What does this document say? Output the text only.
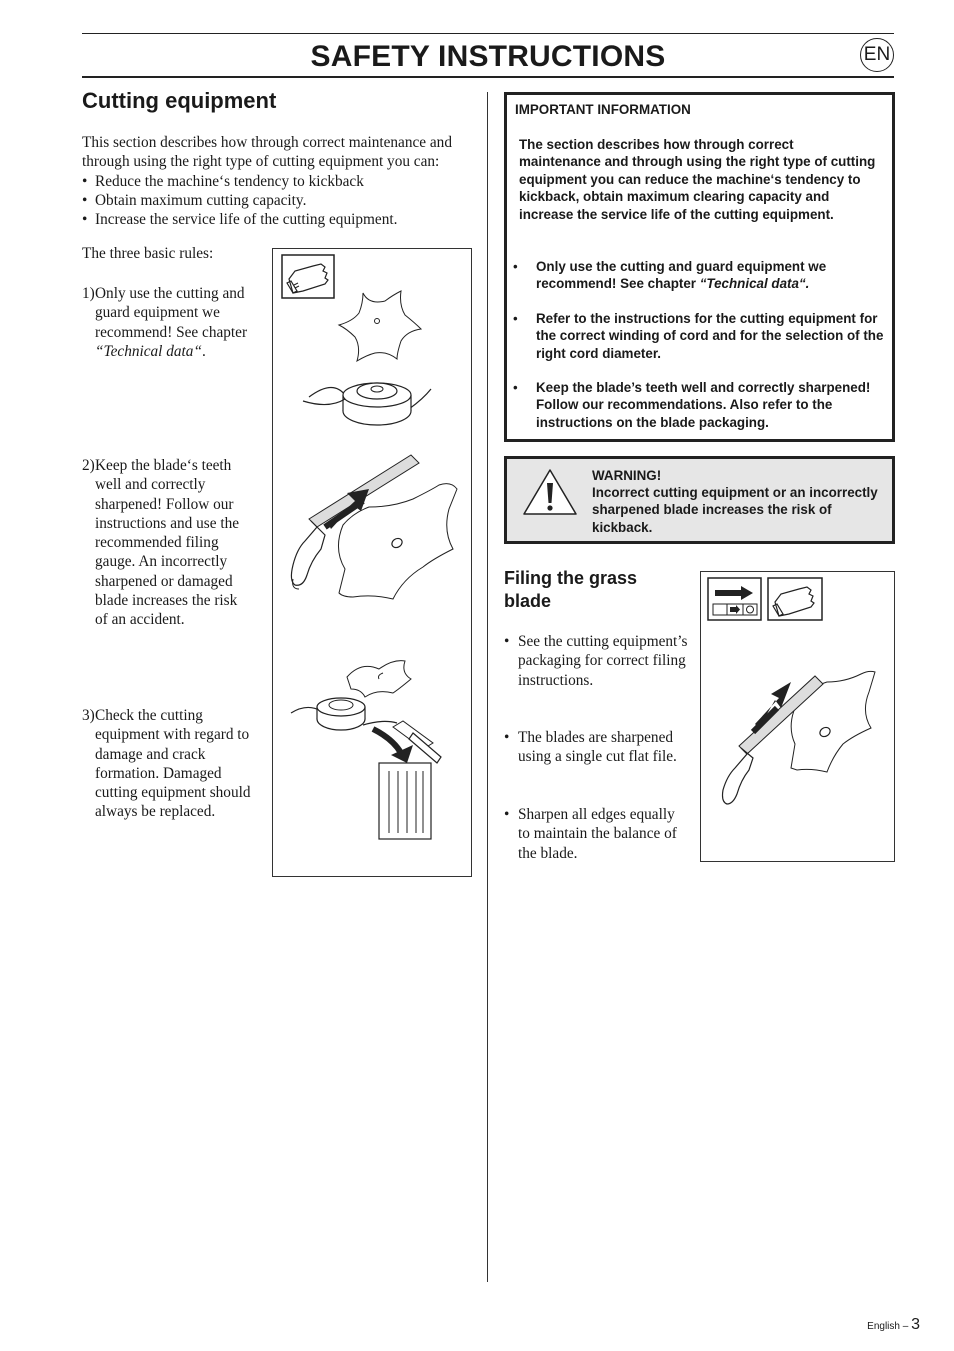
SAFETY INSTRUCTIONS	EN
Cutting equipment

This section describes how through correct maintenance and through using the right type of cutting equipment you can:

• Reduce the machine‘s tendency to kickback
• Obtain maximum cutting capacity.
• Increase the service life of the cutting equipment.
The three basic rules:
1) Only use the cutting and guard equipment we recommend! See chapter “Technical data“.
2) Keep the blade‘s teeth well and correctly sharpened! Follow our instructions and use the recommended filing gauge. An incorrectly sharpened or damaged blade increases the risk of an accident.
3) Check the cutting equipment with regard to damage and crack formation. Damaged cutting equipment should always be replaced.
IMPORTANT INFORMATION
The section describes how through correct maintenance and through using the right type of cutting equipment you can reduce the machine‘s tendency to kickback, obtain maximum clearing capacity and increase the service life of the cutting equipment.
•	Only use the cutting and guard equipment we recommend! See chapter “Technical data“.
•	Refer to the instructions for the cutting equipment for the correct winding of cord and for the selection of the right cord diameter.
•	Keep the blade’s teeth well and correctly sharpened! Follow our recommendations. Also refer to the instructions on the blade packaging.
WARNING!
Incorrect cutting equipment or an incorrectly sharpened blade increases the risk of kickback.
Filing the grass blade
• See the cutting equipment’s packaging for correct filing instructions.
• The blades are sharpened using a single cut flat file.
• Sharpen all edges equally to maintain the balance of the blade.
English – 3
